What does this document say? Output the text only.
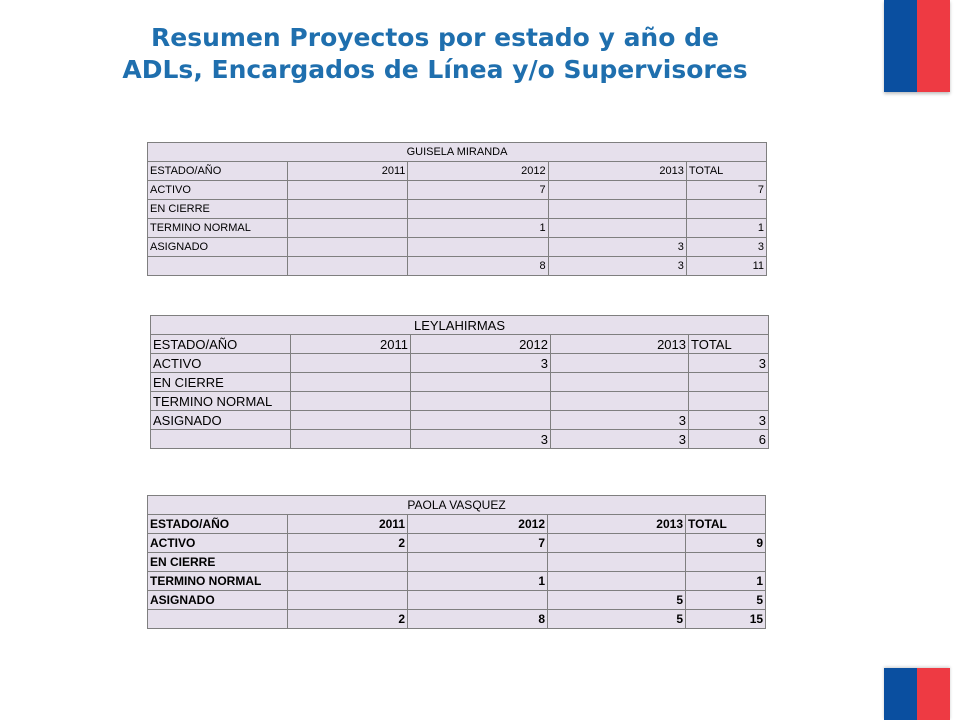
Resumen Proyectos por estado y año de
ADLs, Encargados de Línea y/o Supervisores
GUISELA MIRANDA				
ESTADO/AÑO	2011	2012	2013	TOTAL
ACTIVO		7		7
EN CIERRE				
TERMINO NORMAL		1		1
ASIGNADO			3	3
		8	3	11
LEYLAHIRMAS				
ESTADO/AÑO	2011	2012	2013	TOTAL
ACTIVO		3		3
EN CIERRE				
TERMINO NORMAL				
ASIGNADO			3	3
		3	3	6
PAOLA VASQUEZ				
ESTADO/AÑO	2011	2012	2013	TOTAL
ACTIVO	2	7		9
EN CIERRE				
TERMINO NORMAL		1		1
ASIGNADO			5	5
	2	8	5	15
